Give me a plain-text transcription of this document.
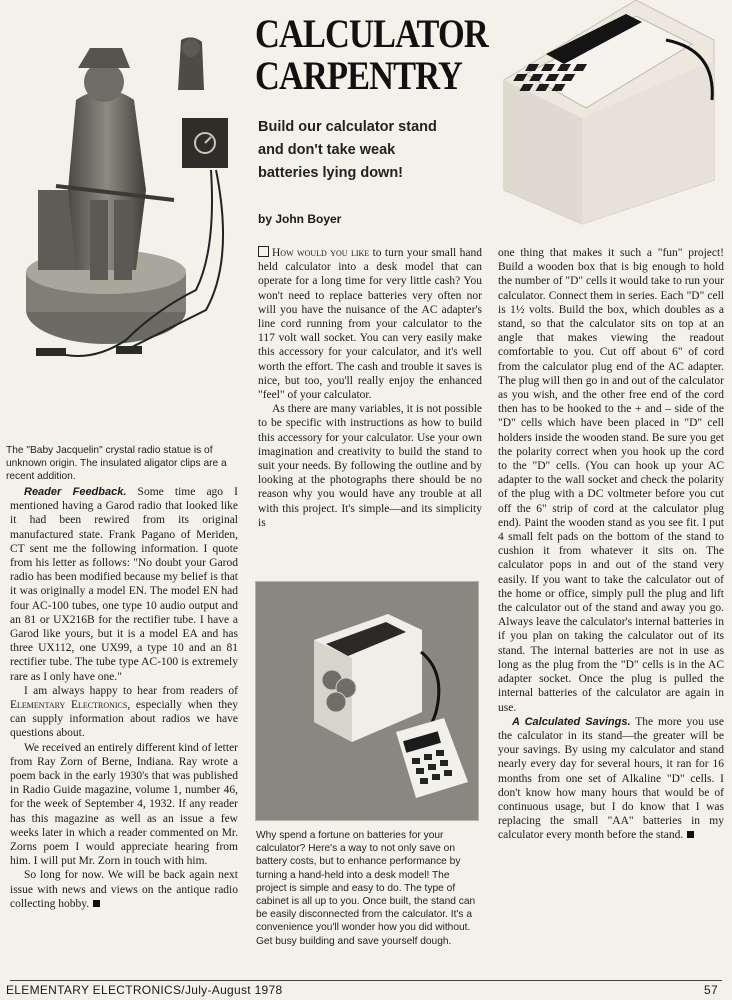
The "Baby Jacquelin" crystal radio statue is of unknown origin. The insulated aligator clips are a recent addition.

Reader Feedback. Some time ago I mentioned having a Garod radio that looked like it had been rewired from its original manufactured state. Frank Pagano of Meriden, CT sent me the following information. I quote from his letter as follows: "No doubt your Garod radio has been modified because my belief is that it was originally a model EN. The model EN had four AC-100 tubes, one type 10 audio output and an 81 or UX216B for the rectifier tube. I have a Garod like yours, but it is a model EA and has three UX112, one UX99, a type 10 and an 81 rectifier tube. The tube type AC-100 is extremely rare as I only have one."

I am always happy to hear from readers of Elementary Electronics, especially when they can supply information about radios we have questions about.

We received an entirely different kind of letter from Ray Zorn of Berne, Indiana. Ray wrote a poem back in the early 1930's that was published in Radio Guide magazine, volume 1, number 46, for the week of September 4, 1932. If any reader has this magazine as well as an issue a few weeks later in which a reader commented on Mr. Zorns poem I would appreciate hearing from him. I will put Mr. Zorn in touch with him.

So long for now. We will be back again next issue with news and views on the antique radio collecting hobby.

CALCULATOR
CARPENTRY

Build our calculator stand

and don't take weak

batteries lying down!

by John Boyer

How would you like to turn your small hand held calculator into a desk model that can operate for a long time for very little cash? You won't need to replace batteries very often nor will you have the nuisance of the AC adapter's line cord running from your calculator to the 117 volt wall socket. You can very easily make this accessory for your calculator, and it's well worth the effort. The cash and trouble it saves is nice, but too, you'll really enjoy the enhanced "feel" of your calculator.

As there are many variables, it is not possible to be specific with instructions as how to build this accessory for your calculator. Use your own imagination and creativity to build the stand to suit your needs. By following the outline and by looking at the photographs there should be no reason why you would have any trouble at all with this project. It's simple—and its simplicity is

Why spend a fortune on batteries for your calculator? Here's a way to not only save on battery costs, but to enhance performance by turning a hand-held into a desk model! The project is simple and easy to do. The type of cabinet is all up to you. Once built, the stand can be easily disconnected from the calculator. It's a convenience you'll wonder how you did without. Get busy building and save yourself dough.

one thing that makes it such a "fun" project! Build a wooden box that is big enough to hold the number of "D" cells it would take to run your calculator. Connect them in series. Each "D" cell is 1½ volts. Build the box, which doubles as a stand, so that the calculator sits on top at an angle that makes viewing the readout comfortable to you. Cut off about 6" of cord from the calculator plug end of the AC adapter. The plug will then go in and out of the calculator as you wish, and the other free end of the cord then has to be hooked to the + and – side of the "D" cells which have been placed in "D" cell holders inside the wooden stand. Be sure you get the polarity correct when you hook up the cord to the "D" cells. (You can hook up your AC adapter to the wall socket and check the polarity of the plug with a DC voltmeter before you cut off the 6" strip of cord at the calculator plug end). Paint the wooden stand as you see fit. I put 4 small felt pads on the bottom of the stand to cushion it from whatever it sits on. The calculator pops in and out of the stand very easily. If you want to take the calculator out of the home or office, simply pull the plug and lift the calculator out of the stand and away you go. Always leave the calculator's internal batteries in if you plan on taking the calculator out of its stand. The internal batteries are not in use as long as the plug from the "D" cells is in the AC adapter socket. Once the plug is pulled the internal batteries of the calculator are again in use.

A Calculated Savings. The more you use the calculator in its stand—the greater will be your savings. By using my calculator and stand nearly every day for several hours, it ran for 16 months from one set of Alkaline "D" cells. I don't know how many hours that would be of continuous usage, but I do know that I was replacing the small "AA" batteries in my calculator every month before the stand.

ELEMENTARY ELECTRONICS/July-August 1978	57
